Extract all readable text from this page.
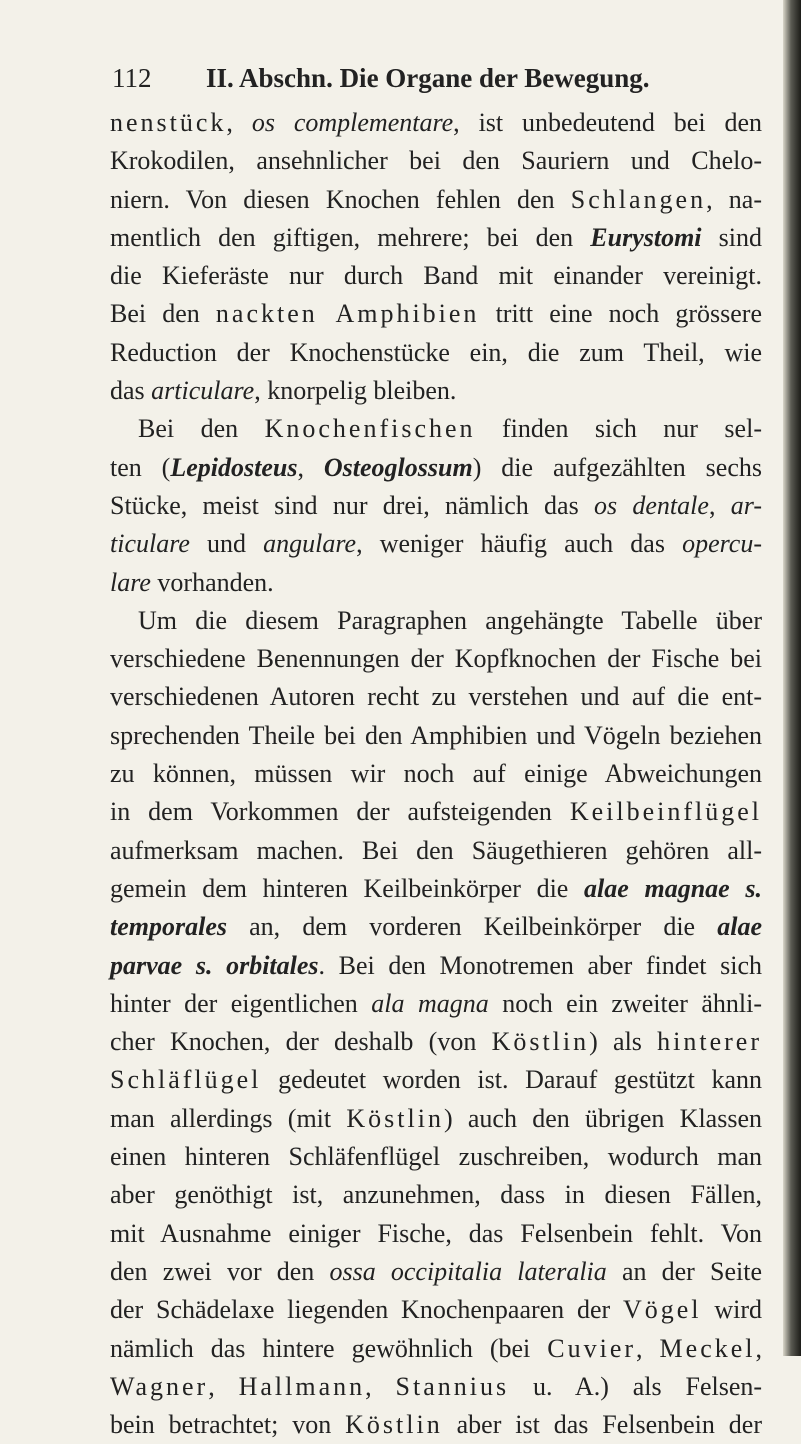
112 II. Abschn. Die Organe der Bewegung.
nenstück, os complementare, ist unbedeutend bei den
Krokodilen, ansehnlicher bei den Sauriern und Chelo-
niern. Von diesen Knochen fehlen den Schlangen, na-
mentlich den giftigen, mehrere; bei den Eurystomi sind
die Kieferäste nur durch Band mit einander vereinigt.
Bei den nackten Amphibien tritt eine noch grössere
Reduction der Knochenstücke ein, die zum Theil, wie
das articulare, knorpelig bleiben.
Bei den Knochenfischen finden sich nur sel-
ten (Lepidosteus, Osteoglossum) die aufgezählten sechs
Stücke, meist sind nur drei, nämlich das os dentale, ar-
ticulare und angulare, weniger häufig auch das opercu-
lare vorhanden.
Um die diesem Paragraphen angehängte Tabelle über
verschiedene Benennungen der Kopfknochen der Fische bei
verschiedenen Autoren recht zu verstehen und auf die ent-
sprechenden Theile bei den Amphibien und Vögeln beziehen
zu können, müssen wir noch auf einige Abweichungen
in dem Vorkommen der aufsteigenden Keilbeinflügel
aufmerksam machen. Bei den Säugethieren gehören all-
gemein dem hinteren Keilbeinkörper die alae magnae s.
temporales an, dem vorderen Keilbeinkörper die alae
parvae s. orbitales. Bei den Monotremen aber findet sich
hinter der eigentlichen ala magna noch ein zweiter ähnli-
cher Knochen, der deshalb (von Köstlin) als hinterer
Schläflügel gedeutet worden ist. Darauf gestützt kann
man allerdings (mit Köstlin) auch den übrigen Klassen
einen hinteren Schläfenflügel zuschreiben, wodurch man
aber genöthigt ist, anzunehmen, dass in diesen Fällen,
mit Ausnahme einiger Fische, das Felsenbein fehlt. Von
den zwei vor den ossa occipitalia lateralia an der Seite
der Schädelaxe liegenden Knochenpaaren der Vögel wird
nämlich das hintere gewöhnlich (bei Cuvier, Meckel,
Wagner, Hallmann, Stannius u. A.) als Felsen-
bein betrachtet; von Köstlin aber ist das Felsenbein der
